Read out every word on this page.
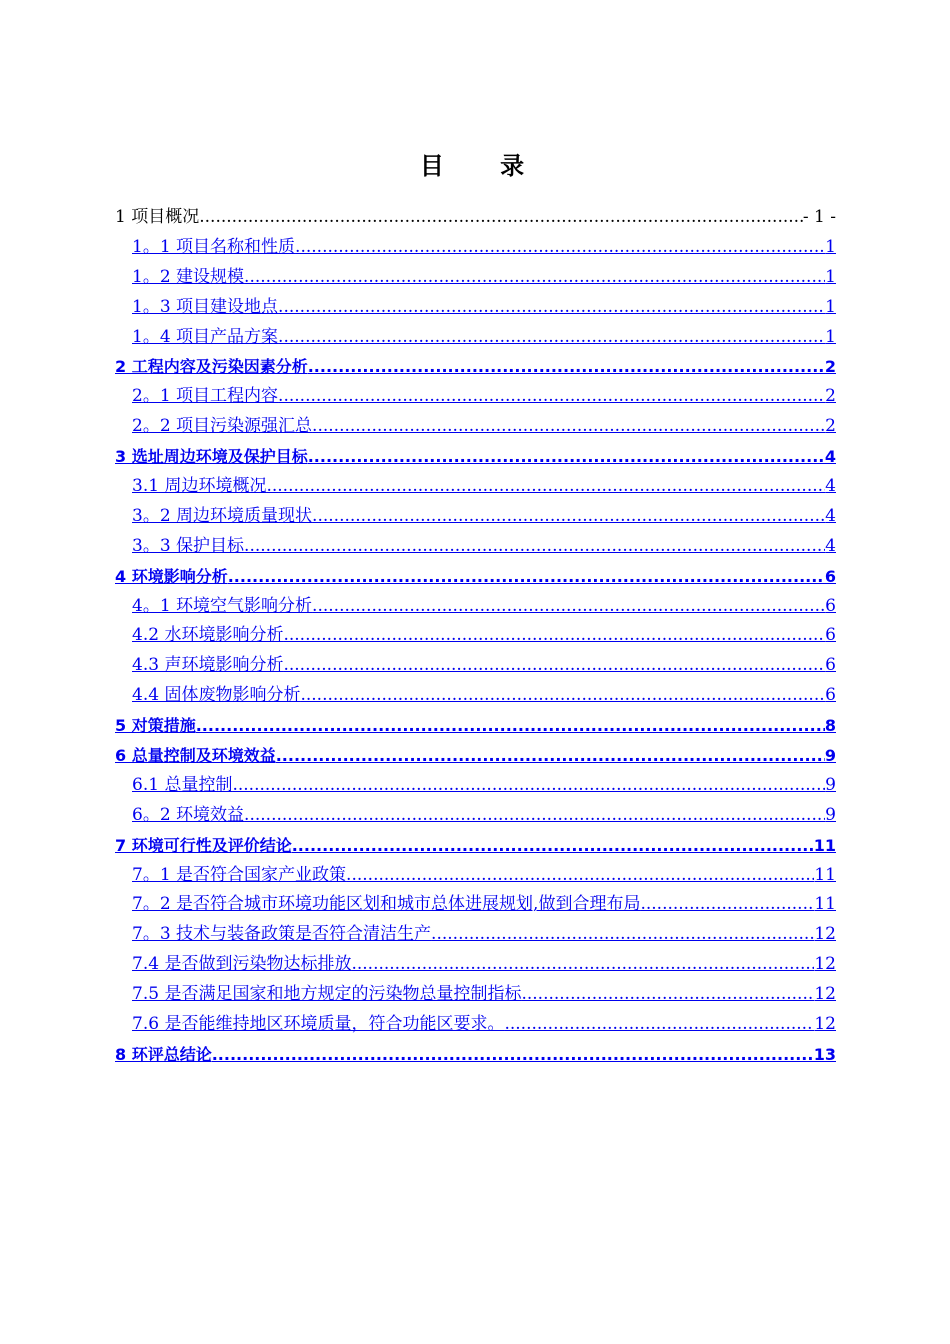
目 录
1 项目概况 .....	- 1 -
1。1 项目名称和性质 .....	1
1。2 建设规模 .....	1
1。3 项目建设地点 .....	1
1。4 项目产品方案 .....	1
2 工程内容及污染因素分析 .....	2
2。1 项目工程内容 .....	2
2。2 项目污染源强汇总 .....	2
3 选址周边环境及保护目标 .....	4
3.1 周边环境概况 .....	4
3。2 周边环境质量现状 .....	4
3。3 保护目标 .....	4
4 环境影响分析 .....	6
4。1 环境空气影响分析 .....	6
4.2 水环境影响分析 .....	6
4.3 声环境影响分析 .....	6
4.4 固体废物影响分析 .....	6
5 对策措施 .....	8
6 总量控制及环境效益 .....	9
6.1 总量控制 .....	9
6。2 环境效益 .....	9
7 环境可行性及评价结论 .....	11
7。1 是否符合国家产业政策 .....	11
7。2 是否符合城市环境功能区划和城市总体进展规划,做到合理布局 .....	11
7。3 技术与装备政策是否符合清洁生产 .....	12
7.4 是否做到污染物达标排放 .....	12
7.5 是否满足国家和地方规定的污染物总量控制指标 .....	12
7.6 是否能维持地区环境质量，符合功能区要求。 .....	12
8 环评总结论 .....	13
